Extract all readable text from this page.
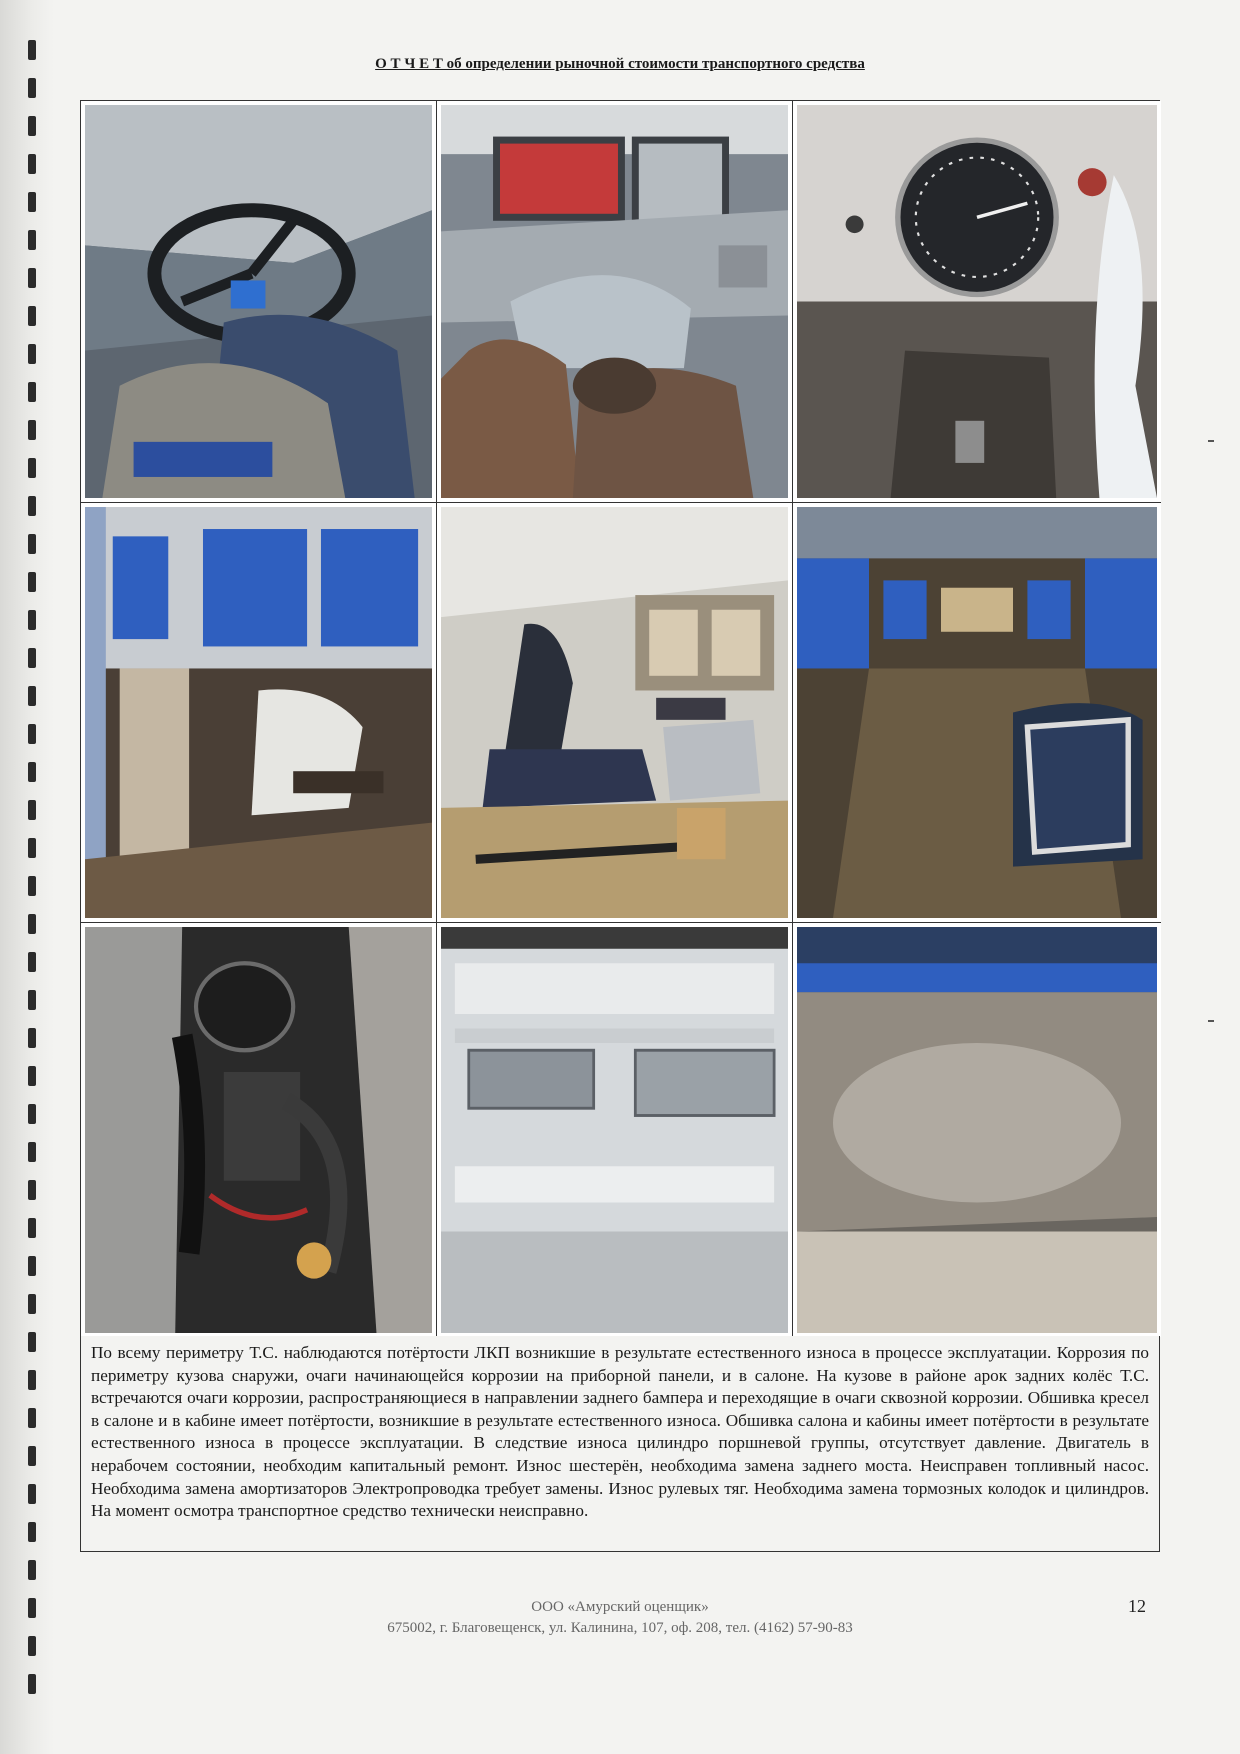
О Т Ч Е Т об определении рыночной стоимости транспортного средства
По всему периметру Т.С. наблюдаются потёртости ЛКП возникшие в результате естественного износа в процессе эксплуатации. Коррозия по периметру кузова снаружи, очаги начинающейся коррозии на приборной панели, и в салоне. На кузове в районе арок задних колёс Т.С. встречаются очаги коррозии, распространяющиеся в направлении заднего бампера и переходящие в очаги сквозной коррозии. Обшивка кресел в салоне и в кабине имеет потёртости, возникшие в результате естественного износа. Обшивка салона и кабины имеет потёртости в результате естественного износа в процессе эксплуатации. В следствие износа цилиндро поршневой группы, отсутствует давление. Двигатель в нерабочем состоянии, необходим капитальный ремонт. Износ шестерён, необходима замена заднего моста. Неисправен топливный насос. Необходима замена амортизаторов Электропроводка требует замены. Износ рулевых тяг. Необходима замена тормозных колодок и цилиндров. На момент осмотра транспортное средство технически неисправно.
ООО «Амурский оценщик»
675002, г. Благовещенск, ул. Калинина, 107, оф. 208, тел. (4162) 57-90-83
12
